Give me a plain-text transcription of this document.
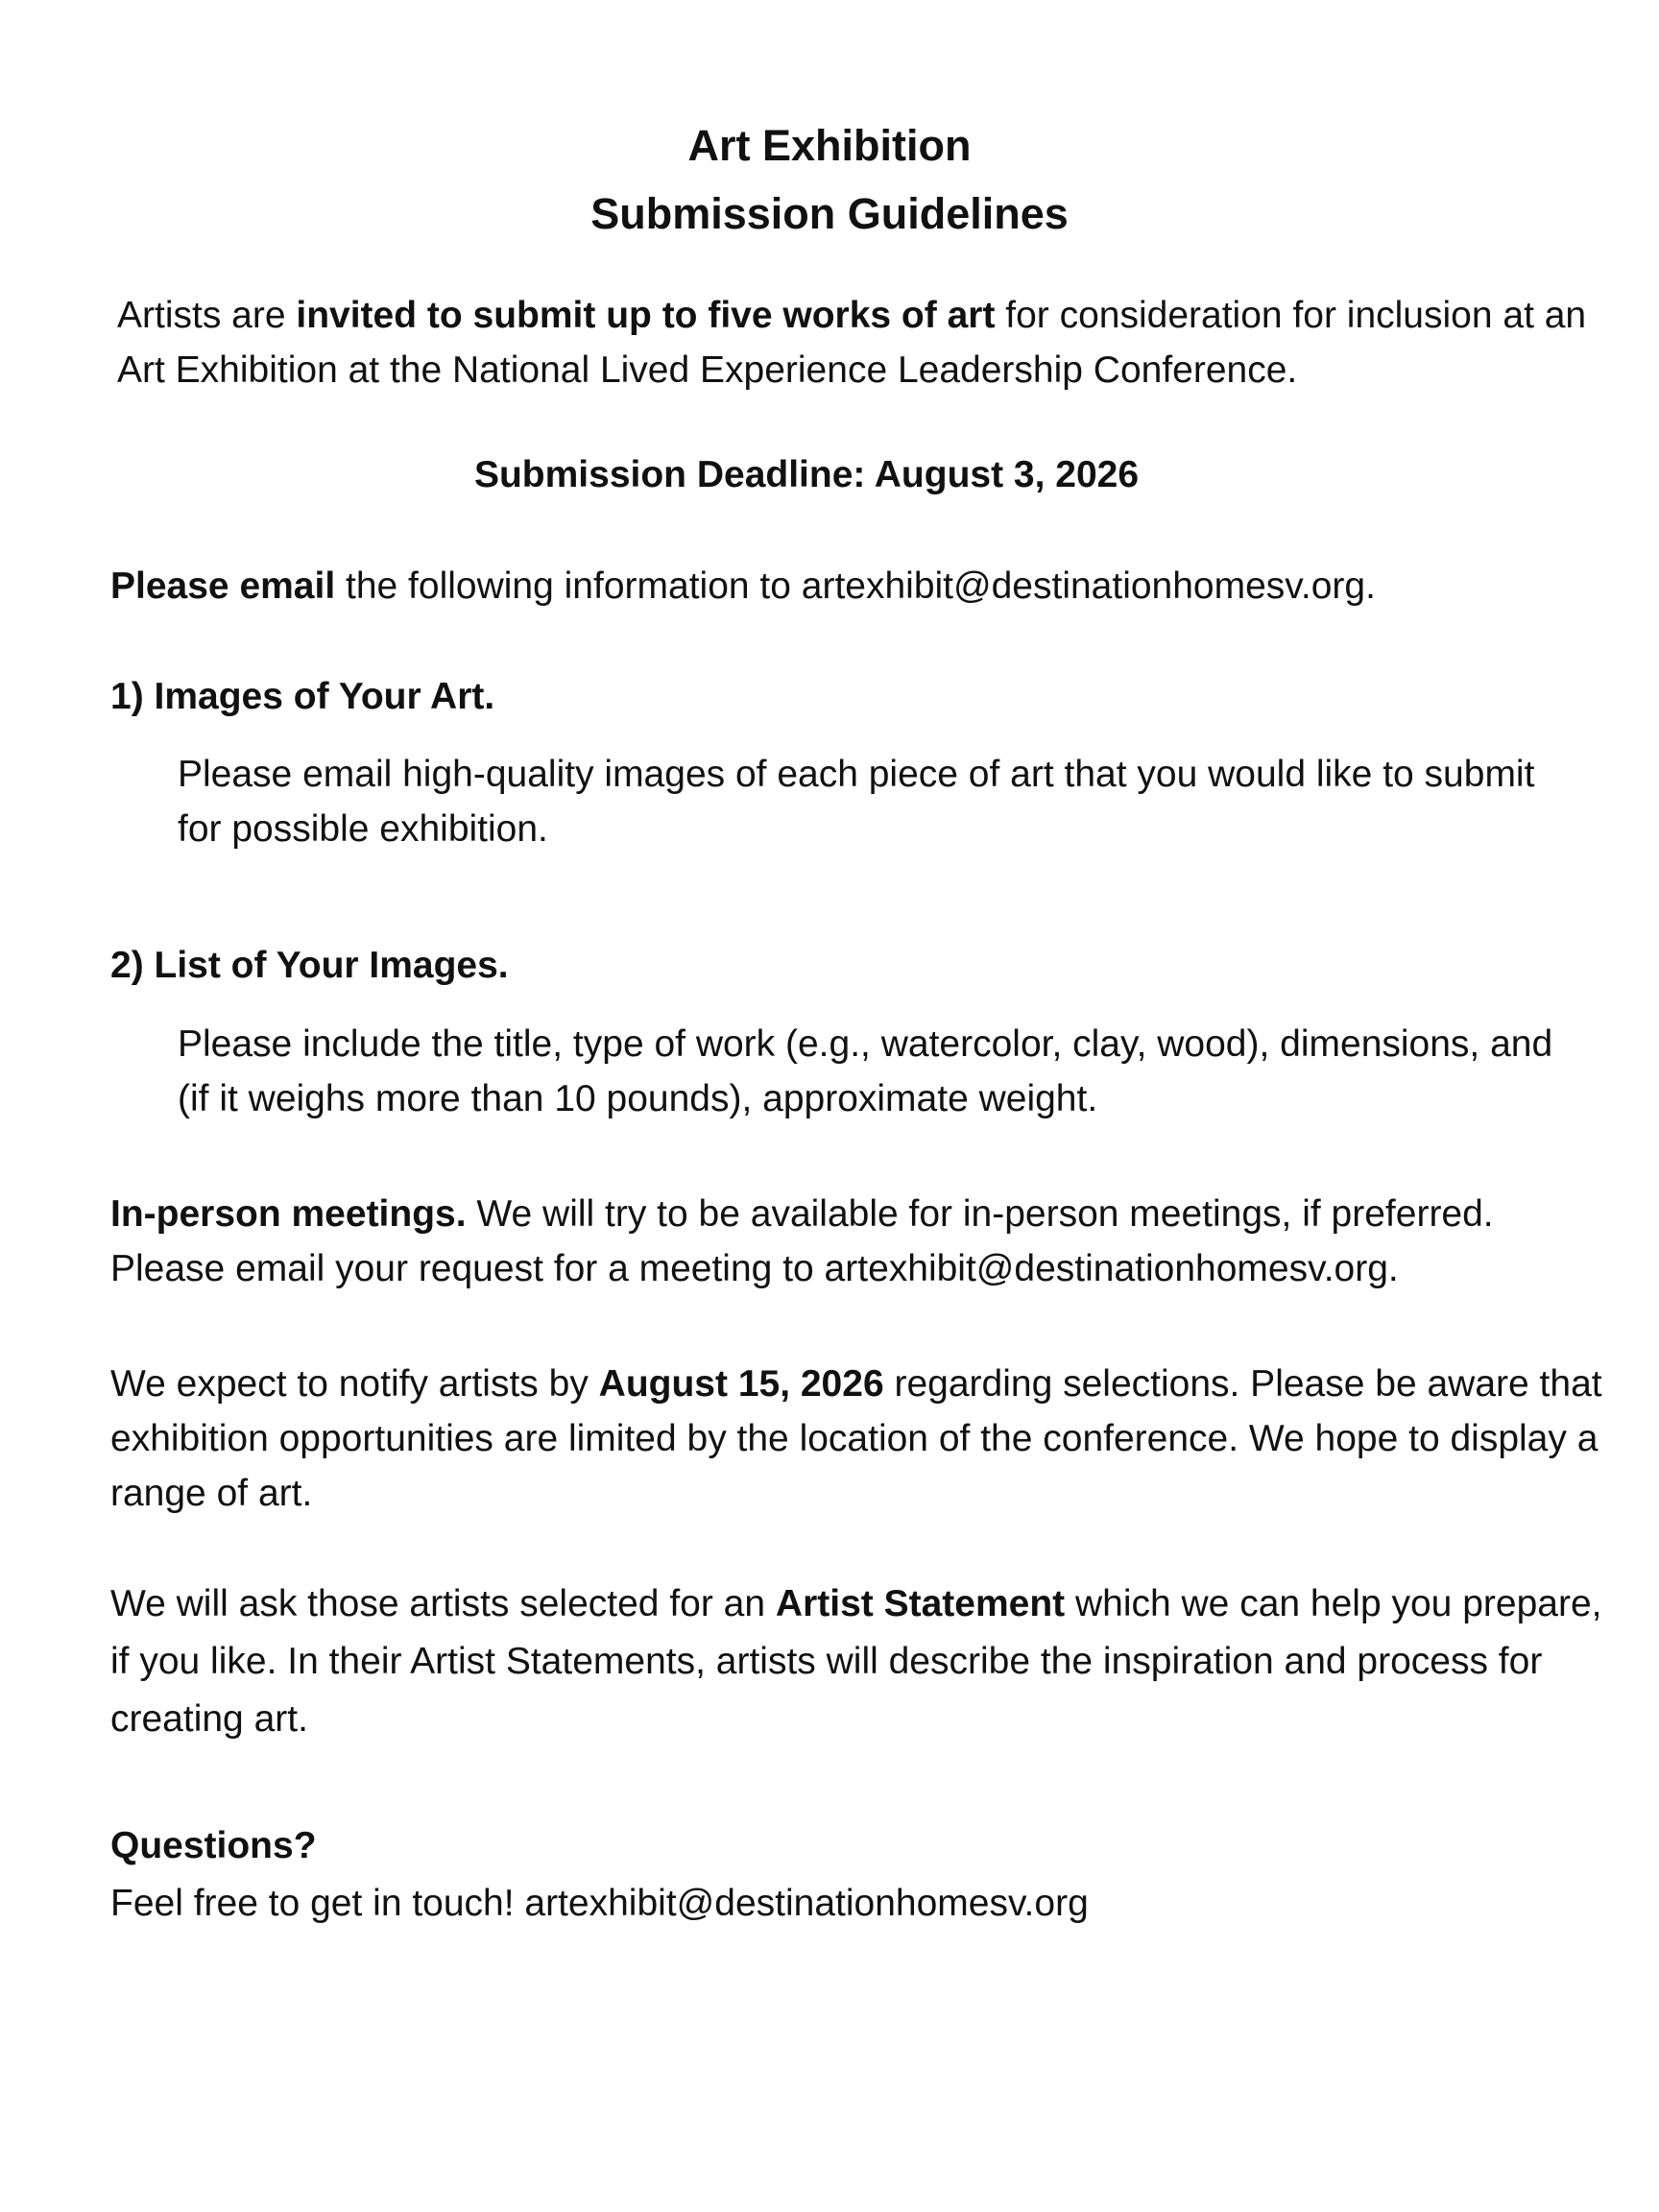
Art Exhibition
Submission Guidelines
Artists are invited to submit up to five works of art for consideration for inclusion at an Art Exhibition at the National Lived Experience Leadership Conference.
Submission Deadline: August 3, 2026
Please email the following information to artexhibit@destinationhomesv.org.
1) Images of Your Art.
Please email high-quality images of each piece of art that you would like to submit for possible exhibition.
2) List of Your Images.
Please include the title, type of work (e.g., watercolor, clay, wood), dimensions, and (if it weighs more than 10 pounds), approximate weight.
In-person meetings. We will try to be available for in-person meetings, if preferred. Please email your request for a meeting to artexhibit@destinationhomesv.org.
We expect to notify artists by August 15, 2026 regarding selections. Please be aware that exhibition opportunities are limited by the location of the conference. We hope to display a range of art.
We will ask those artists selected for an Artist Statement which we can help you prepare, if you like. In their Artist Statements, artists will describe the inspiration and process for creating art.
Questions?
Feel free to get in touch! artexhibit@destinationhomesv.org
